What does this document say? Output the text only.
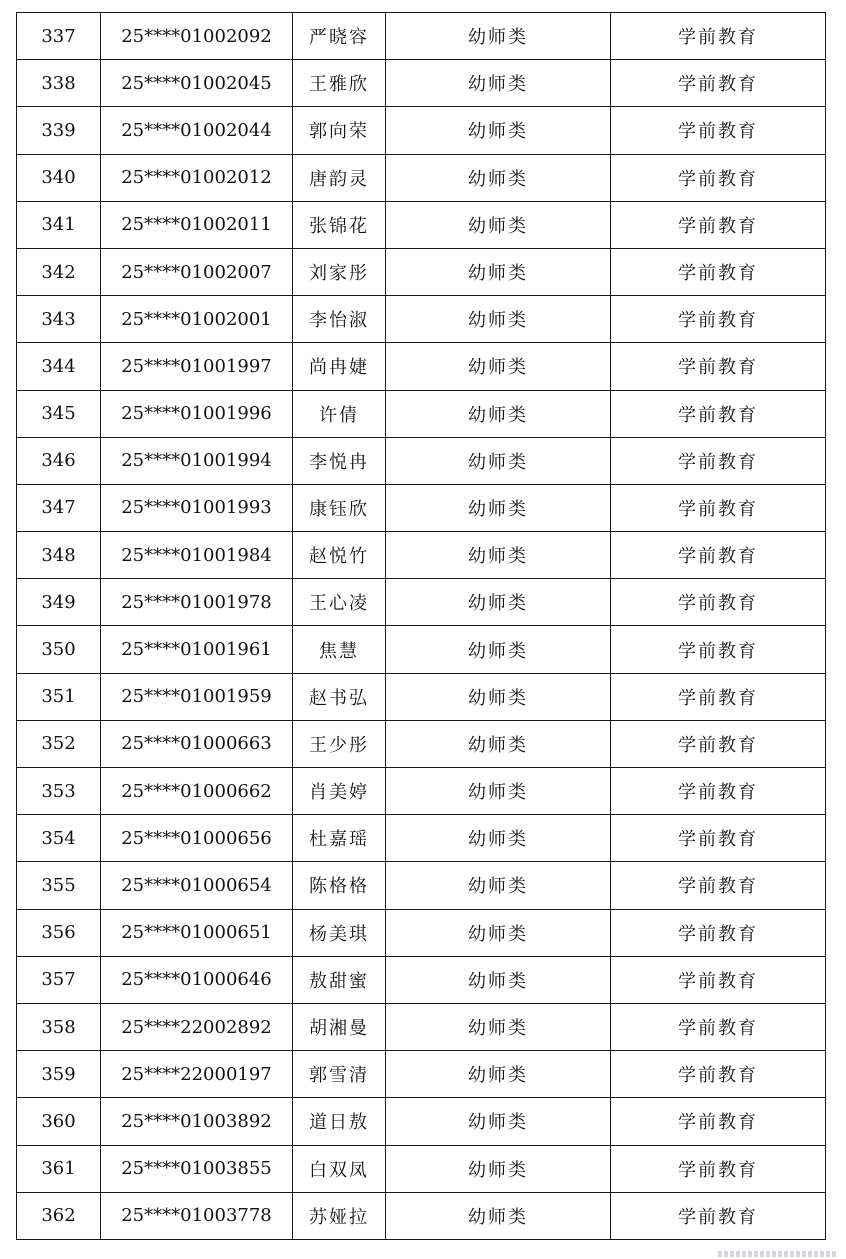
337	25****01002092	严晓容	幼师类	学前教育
338	25****01002045	王雅欣	幼师类	学前教育
339	25****01002044	郭向荣	幼师类	学前教育
340	25****01002012	唐韵灵	幼师类	学前教育
341	25****01002011	张锦花	幼师类	学前教育
342	25****01002007	刘家彤	幼师类	学前教育
343	25****01002001	李怡淑	幼师类	学前教育
344	25****01001997	尚冉婕	幼师类	学前教育
345	25****01001996	许倩	幼师类	学前教育
346	25****01001994	李悦冉	幼师类	学前教育
347	25****01001993	康钰欣	幼师类	学前教育
348	25****01001984	赵悦竹	幼师类	学前教育
349	25****01001978	王心凌	幼师类	学前教育
350	25****01001961	焦慧	幼师类	学前教育
351	25****01001959	赵书弘	幼师类	学前教育
352	25****01000663	王少彤	幼师类	学前教育
353	25****01000662	肖美婷	幼师类	学前教育
354	25****01000656	杜嘉瑶	幼师类	学前教育
355	25****01000654	陈格格	幼师类	学前教育
356	25****01000651	杨美琪	幼师类	学前教育
357	25****01000646	敖甜蜜	幼师类	学前教育
358	25****22002892	胡湘曼	幼师类	学前教育
359	25****22000197	郭雪清	幼师类	学前教育
360	25****01003892	道日敖	幼师类	学前教育
361	25****01003855	白双凤	幼师类	学前教育
362	25****01003778	苏娅拉	幼师类	学前教育
